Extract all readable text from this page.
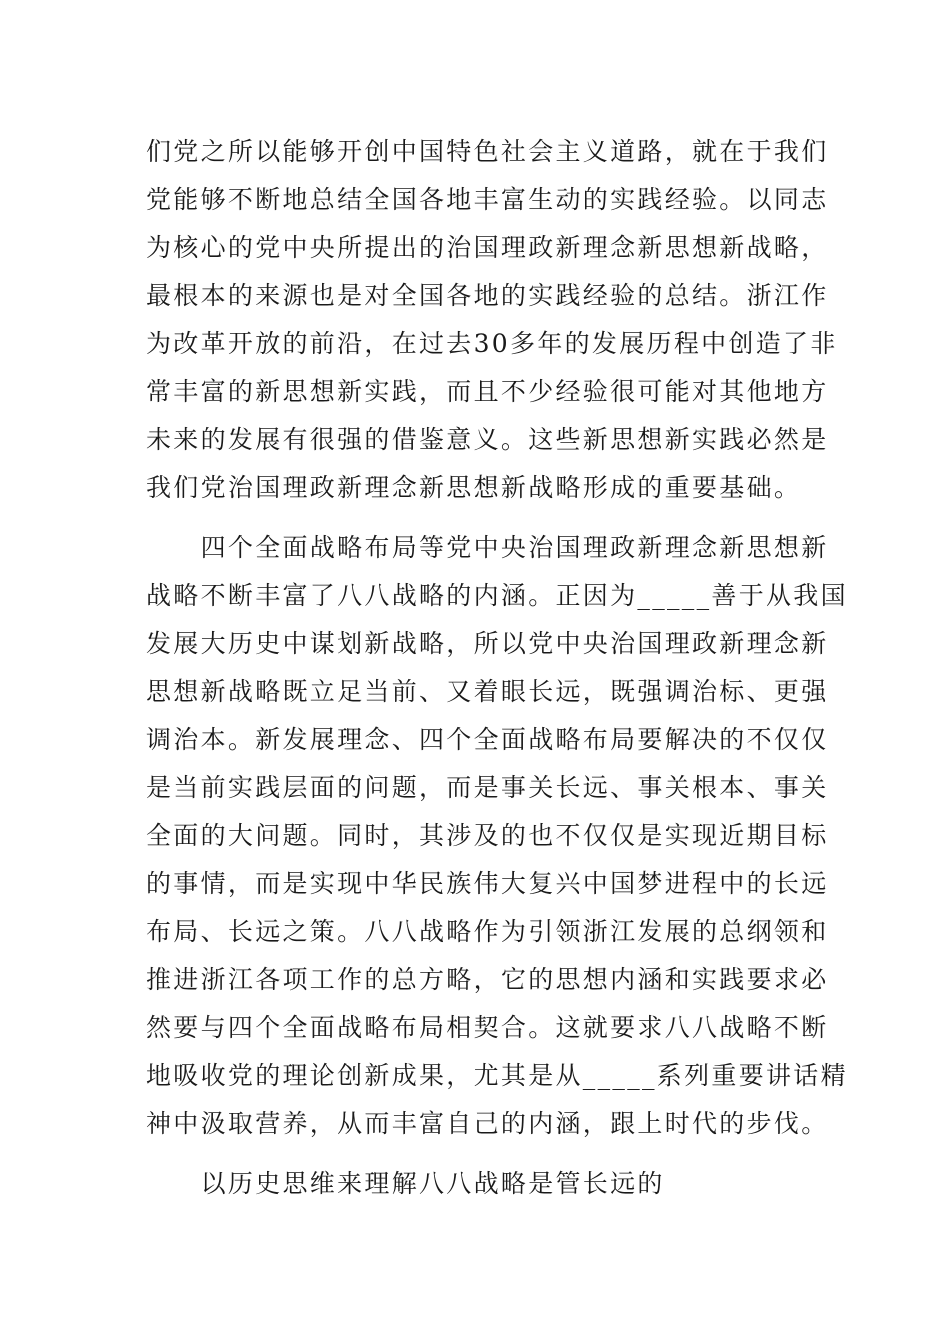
们党之所以能够开创中国特色社会主义道路，就在于我们
党能够不断地总结全国各地丰富生动的实践经验。以同志
为核心的党中央所提出的治国理政新理念新思想新战略，
最根本的来源也是对全国各地的实践经验的总结。浙江作
为改革开放的前沿，在过去30多年的发展历程中创造了非
常丰富的新思想新实践，而且不少经验很可能对其他地方
未来的发展有很强的借鉴意义。这些新思想新实践必然是
我们党治国理政新理念新思想新战略形成的重要基础。
　　四个全面战略布局等党中央治国理政新理念新思想新
战略不断丰富了八八战略的内涵。正因为_____善于从我国
发展大历史中谋划新战略，所以党中央治国理政新理念新
思想新战略既立足当前、又着眼长远，既强调治标、更强
调治本。新发展理念、四个全面战略布局要解决的不仅仅
是当前实践层面的问题，而是事关长远、事关根本、事关
全面的大问题。同时，其涉及的也不仅仅是实现近期目标
的事情，而是实现中华民族伟大复兴中国梦进程中的长远
布局、长远之策。八八战略作为引领浙江发展的总纲领和
推进浙江各项工作的总方略，它的思想内涵和实践要求必
然要与四个全面战略布局相契合。这就要求八八战略不断
地吸收党的理论创新成果，尤其是从_____系列重要讲话精
神中汲取营养，从而丰富自己的内涵，跟上时代的步伐。
　　以历史思维来理解八八战略是管长远的
